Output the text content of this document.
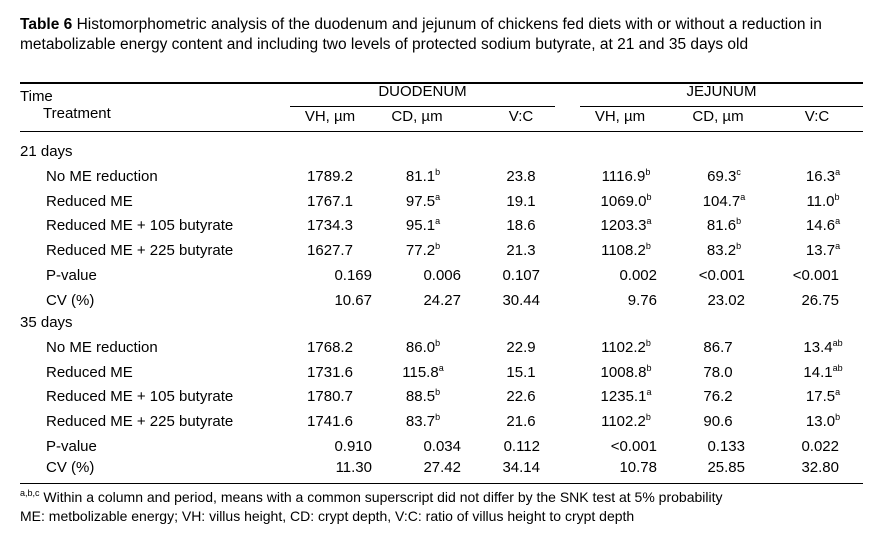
Table 6 Histomorphometric analysis of the duodenum and jejunum of chickens fed diets with or without a reduction in metabolizable energy content and including two levels of protected sodium butyrate, at 21 and 35 days old
Time
Treatment
DUODENUM	JEJUNUM
VH, µm	CD, µm	V:C	VH, µm	CD, µm	V:C
21 days
No ME reduction	1789.2	81.1$^b$	23.8	1116.9$^b$	69.3$^c$	16.3$^a$
Reduced ME	1767.1	97.5$^a$	19.1	1069.0$^b$	104.7$^a$	11.0$^b$
Reduced ME + 105 butyrate	1734.3	95.1$^a$	18.6	1203.3$^a$	81.6$^b$	14.6$^a$
Reduced ME + 225 butyrate	1627.7	77.2$^b$	21.3	1108.2$^b$	83.2$^b$	13.7$^a$
P-value	0.169	0.006	0.107	0.002	<0.001	<0.001
CV (%)	10.67	24.27	30.44	9.76	23.02	26.75
35 days
No ME reduction	1768.2	86.0$^b$	22.9	1102.2$^b$	86.7	13.4$^{ab}$
Reduced ME	1731.6	115.8$^a$	15.1	1008.8$^b$	78.0	14.1$^{ab}$
Reduced ME + 105 butyrate	1780.7	88.5$^b$	22.6	1235.1$^a$	76.2	17.5$^a$
Reduced ME + 225 butyrate	1741.6	83.7$^b$	21.6	1102.2$^b$	90.6	13.0$^b$
P-value	0.910	0.034	0.112	<0.001	0.133	0.022
CV (%)	11.30	27.42	34.14	10.78	25.85	32.80
$^{a,b,c}$ Within a column and period, means with a common superscript did not differ by the SNK test at 5% probability
ME: metbolizable energy; VH: villus height, CD: crypt depth, V:C: ratio of villus height to crypt depth
